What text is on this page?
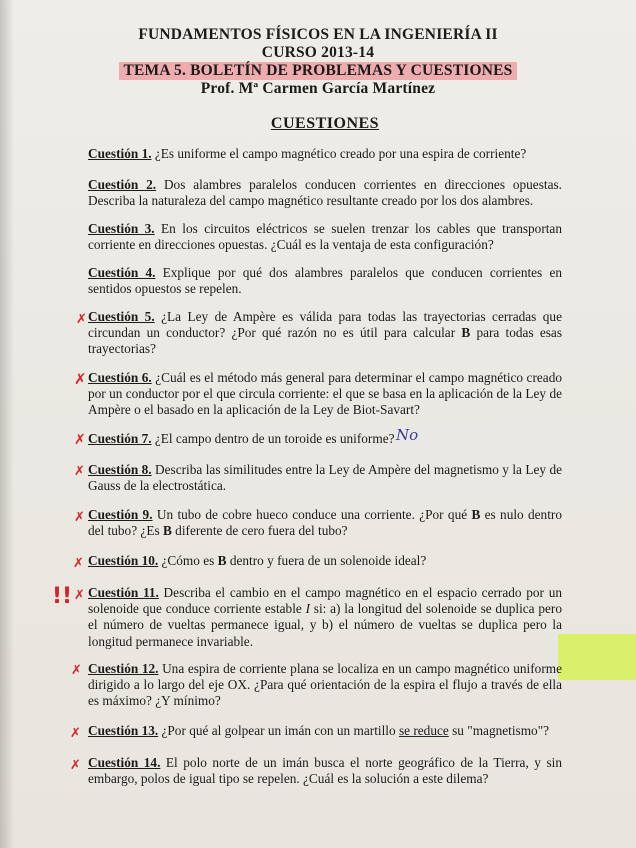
FUNDAMENTOS FÍSICOS EN LA INGENIERÍA II
CURSO 2013-14
TEMA 5. BOLETÍN DE PROBLEMAS Y CUESTIONES
Prof. Mª Carmen García Martínez
CUESTIONES
Cuestión 1. ¿Es uniforme el campo magnético creado por una espira de corriente?
Cuestión 2. Dos alambres paralelos conducen corrientes en direcciones opuestas. Describa la naturaleza del campo magnético resultante creado por los dos alambres.
Cuestión 3. En los circuitos eléctricos se suelen trenzar los cables que transportan corriente en direcciones opuestas. ¿Cuál es la ventaja de esta configuración?
Cuestión 4. Explique por qué dos alambres paralelos que conducen corrientes en sentidos opuestos se repelen.
✗ Cuestión 5. ¿La Ley de Ampère es válida para todas las trayectorias cerradas que circundan un conductor? ¿Por qué razón no es útil para calcular B para todas esas trayectorias?
✗ Cuestión 6. ¿Cuál es el método más general para determinar el campo magnético creado por un conductor por el que circula corriente: el que se basa en la aplicación de la Ley de Ampère o el basado en la aplicación de la Ley de Biot-Savart?
✗ Cuestión 7. ¿El campo dentro de un toroide es uniforme? No
✗ Cuestión 8. Describa las similitudes entre la Ley de Ampère del magnetismo y la Ley de Gauss de la electrostática.
✗ Cuestión 9. Un tubo de cobre hueco conduce una corriente. ¿Por qué B es nulo dentro del tubo? ¿Es B diferente de cero fuera del tubo?
✗ Cuestión 10. ¿Cómo es B dentro y fuera de un solenoide ideal?
!! ✗ Cuestión 11. Describa el cambio en el campo magnético en el espacio cerrado por un solenoide que conduce corriente estable I si: a) la longitud del solenoide se duplica pero el número de vueltas permanece igual, y b) el número de vueltas se duplica pero la longitud permanece invariable.
✗ Cuestión 12. Una espira de corriente plana se localiza en un campo magnético uniforme dirigido a lo largo del eje OX. ¿Para qué orientación de la espira el flujo a través de ella es máximo? ¿Y mínimo?
✗ Cuestión 13. ¿Por qué al golpear un imán con un martillo se reduce su "magnetismo"?
✗ Cuestión 14. El polo norte de un imán busca el norte geográfico de la Tierra, y sin embargo, polos de igual tipo se repelen. ¿Cuál es la solución a este dilema?
